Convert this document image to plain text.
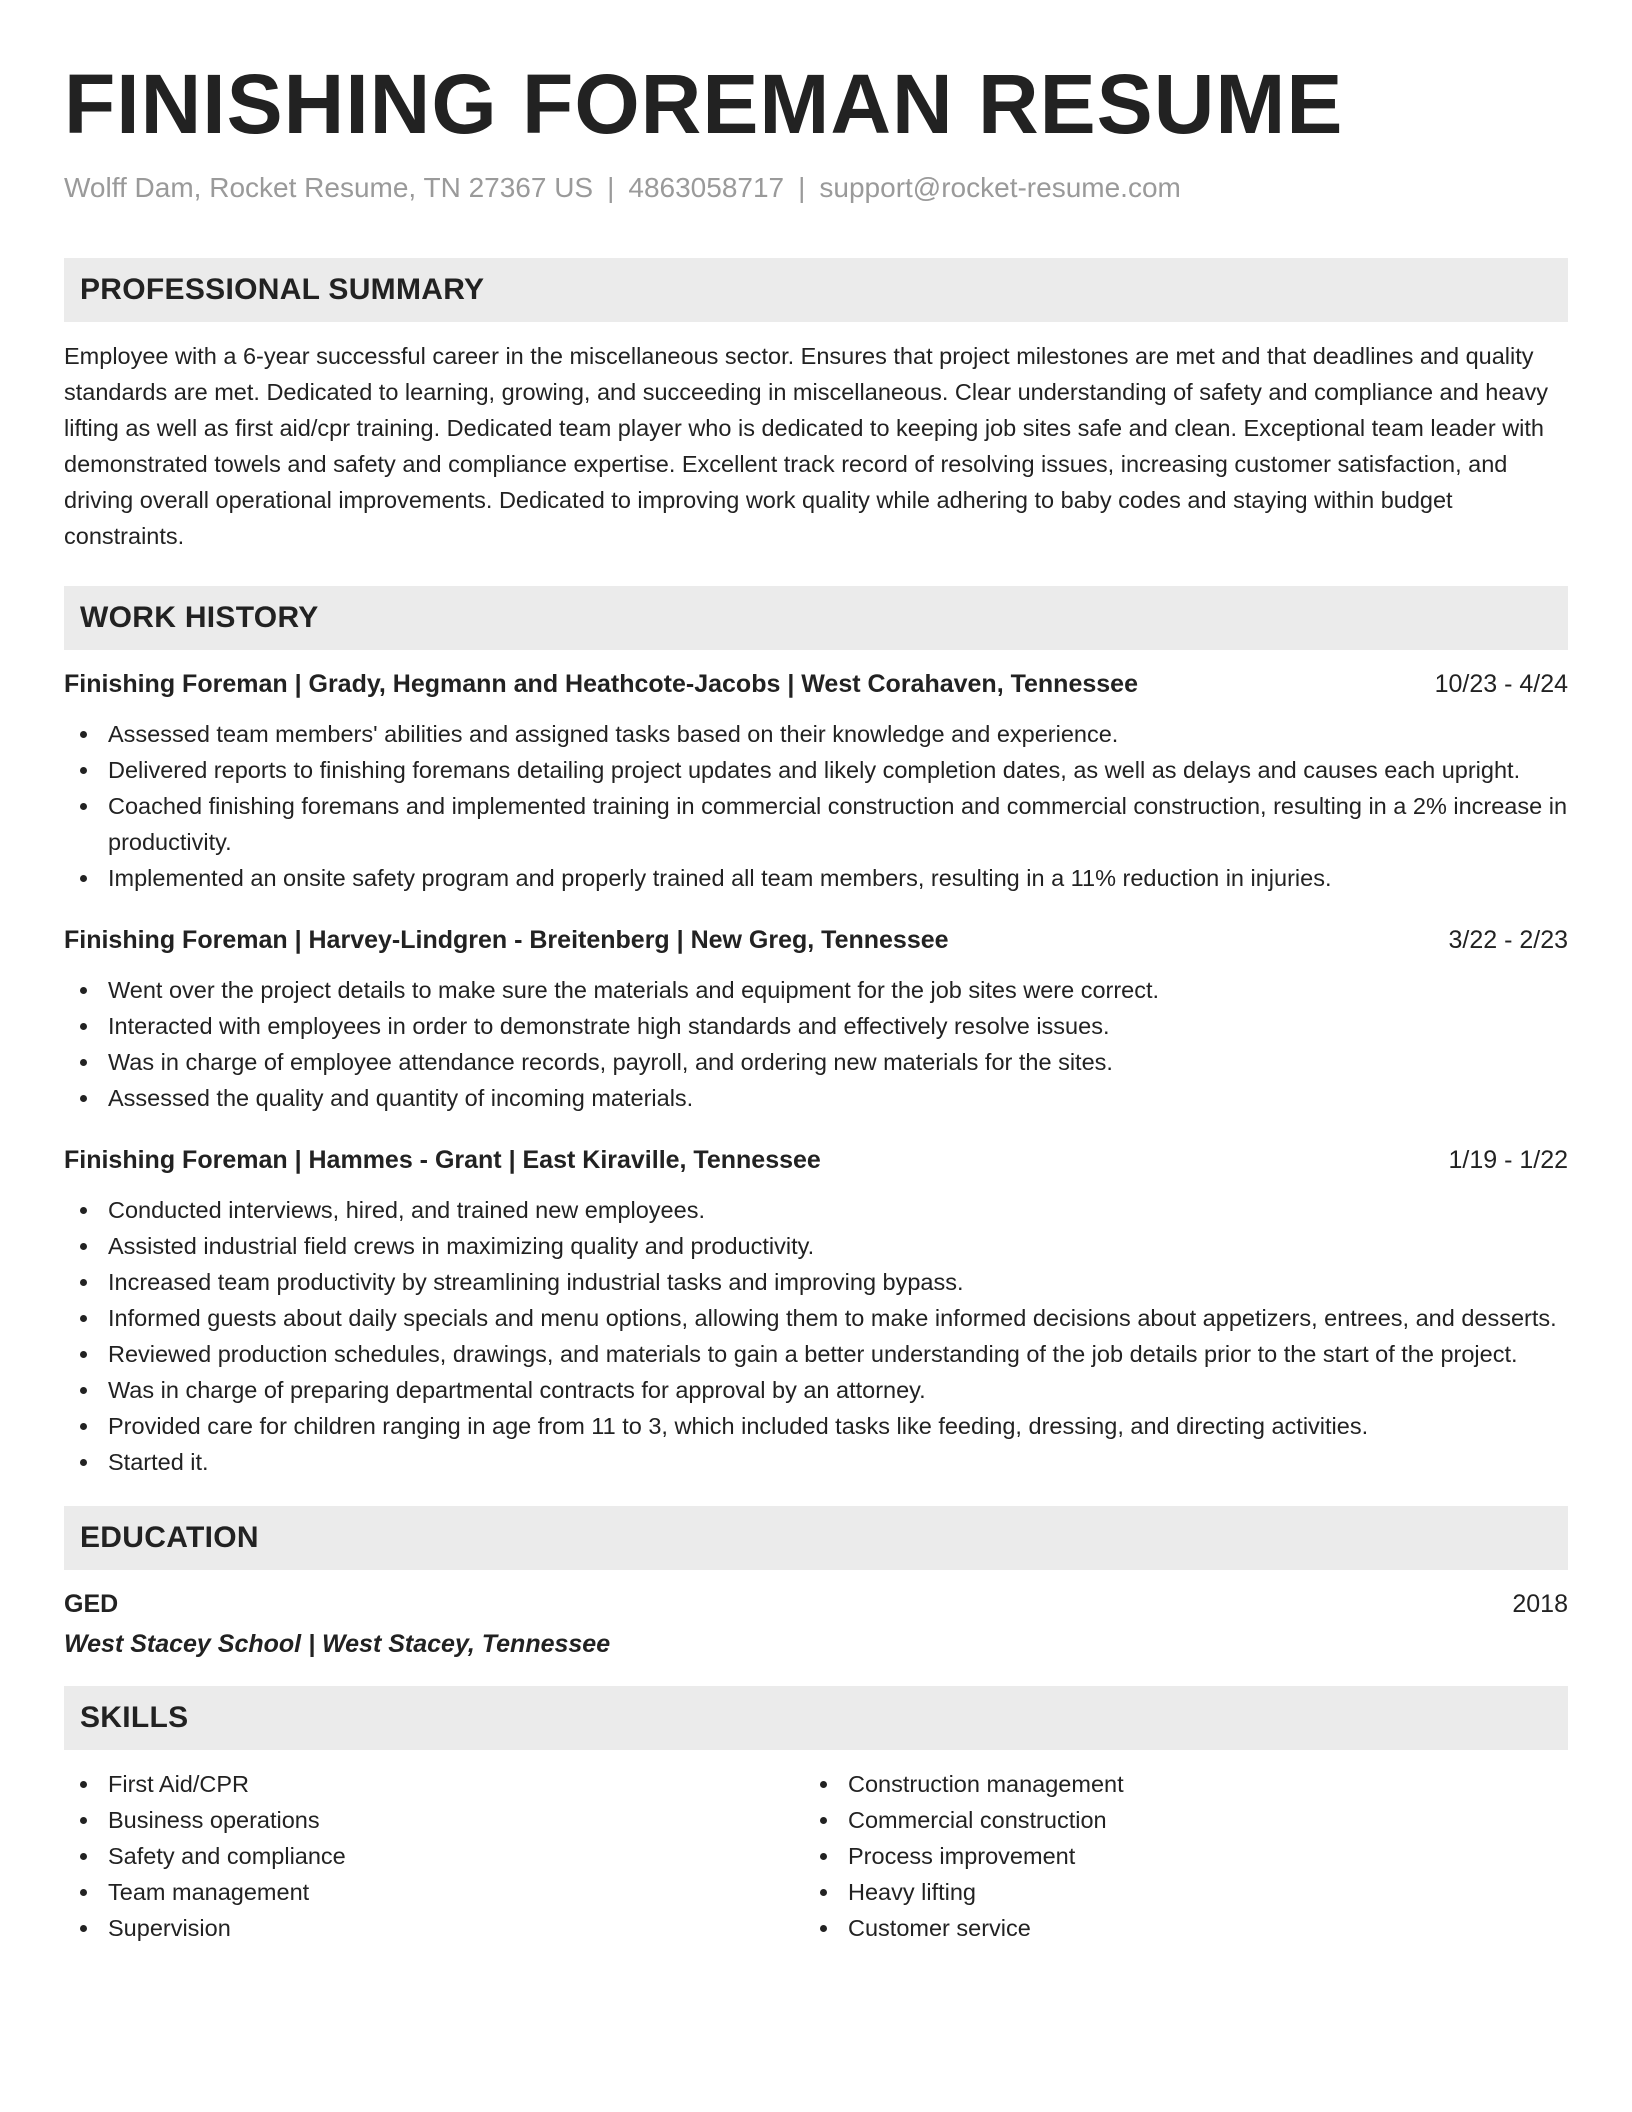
FINISHING FOREMAN RESUME
Wolff Dam, Rocket Resume, TN 27367 US | 4863058717 | support@rocket-resume.com
PROFESSIONAL SUMMARY
Employee with a 6-year successful career in the miscellaneous sector. Ensures that project milestones are met and that deadlines and quality standards are met. Dedicated to learning, growing, and succeeding in miscellaneous. Clear understanding of safety and compliance and heavy lifting as well as first aid/cpr training. Dedicated team player who is dedicated to keeping job sites safe and clean. Exceptional team leader with demonstrated towels and safety and compliance expertise. Excellent track record of resolving issues, increasing customer satisfaction, and driving overall operational improvements. Dedicated to improving work quality while adhering to baby codes and staying within budget constraints.
WORK HISTORY
Finishing Foreman | Grady, Hegmann and Heathcote-Jacobs | West Corahaven, Tennessee	10/23 - 4/24
Assessed team members' abilities and assigned tasks based on their knowledge and experience.
Delivered reports to finishing foremans detailing project updates and likely completion dates, as well as delays and causes each upright.
Coached finishing foremans and implemented training in commercial construction and commercial construction, resulting in a 2% increase in productivity.
Implemented an onsite safety program and properly trained all team members, resulting in a 11% reduction in injuries.
Finishing Foreman | Harvey-Lindgren - Breitenberg | New Greg, Tennessee	3/22 - 2/23
Went over the project details to make sure the materials and equipment for the job sites were correct.
Interacted with employees in order to demonstrate high standards and effectively resolve issues.
Was in charge of employee attendance records, payroll, and ordering new materials for the sites.
Assessed the quality and quantity of incoming materials.
Finishing Foreman | Hammes - Grant | East Kiraville, Tennessee	1/19 - 1/22
Conducted interviews, hired, and trained new employees.
Assisted industrial field crews in maximizing quality and productivity.
Increased team productivity by streamlining industrial tasks and improving bypass.
Informed guests about daily specials and menu options, allowing them to make informed decisions about appetizers, entrees, and desserts.
Reviewed production schedules, drawings, and materials to gain a better understanding of the job details prior to the start of the project.
Was in charge of preparing departmental contracts for approval by an attorney.
Provided care for children ranging in age from 11 to 3, which included tasks like feeding, dressing, and directing activities.
Started it.
EDUCATION
GED	2018
West Stacey School | West Stacey, Tennessee
SKILLS
First Aid/CPR
Business operations
Safety and compliance
Team management
Supervision
Construction management
Commercial construction
Process improvement
Heavy lifting
Customer service
